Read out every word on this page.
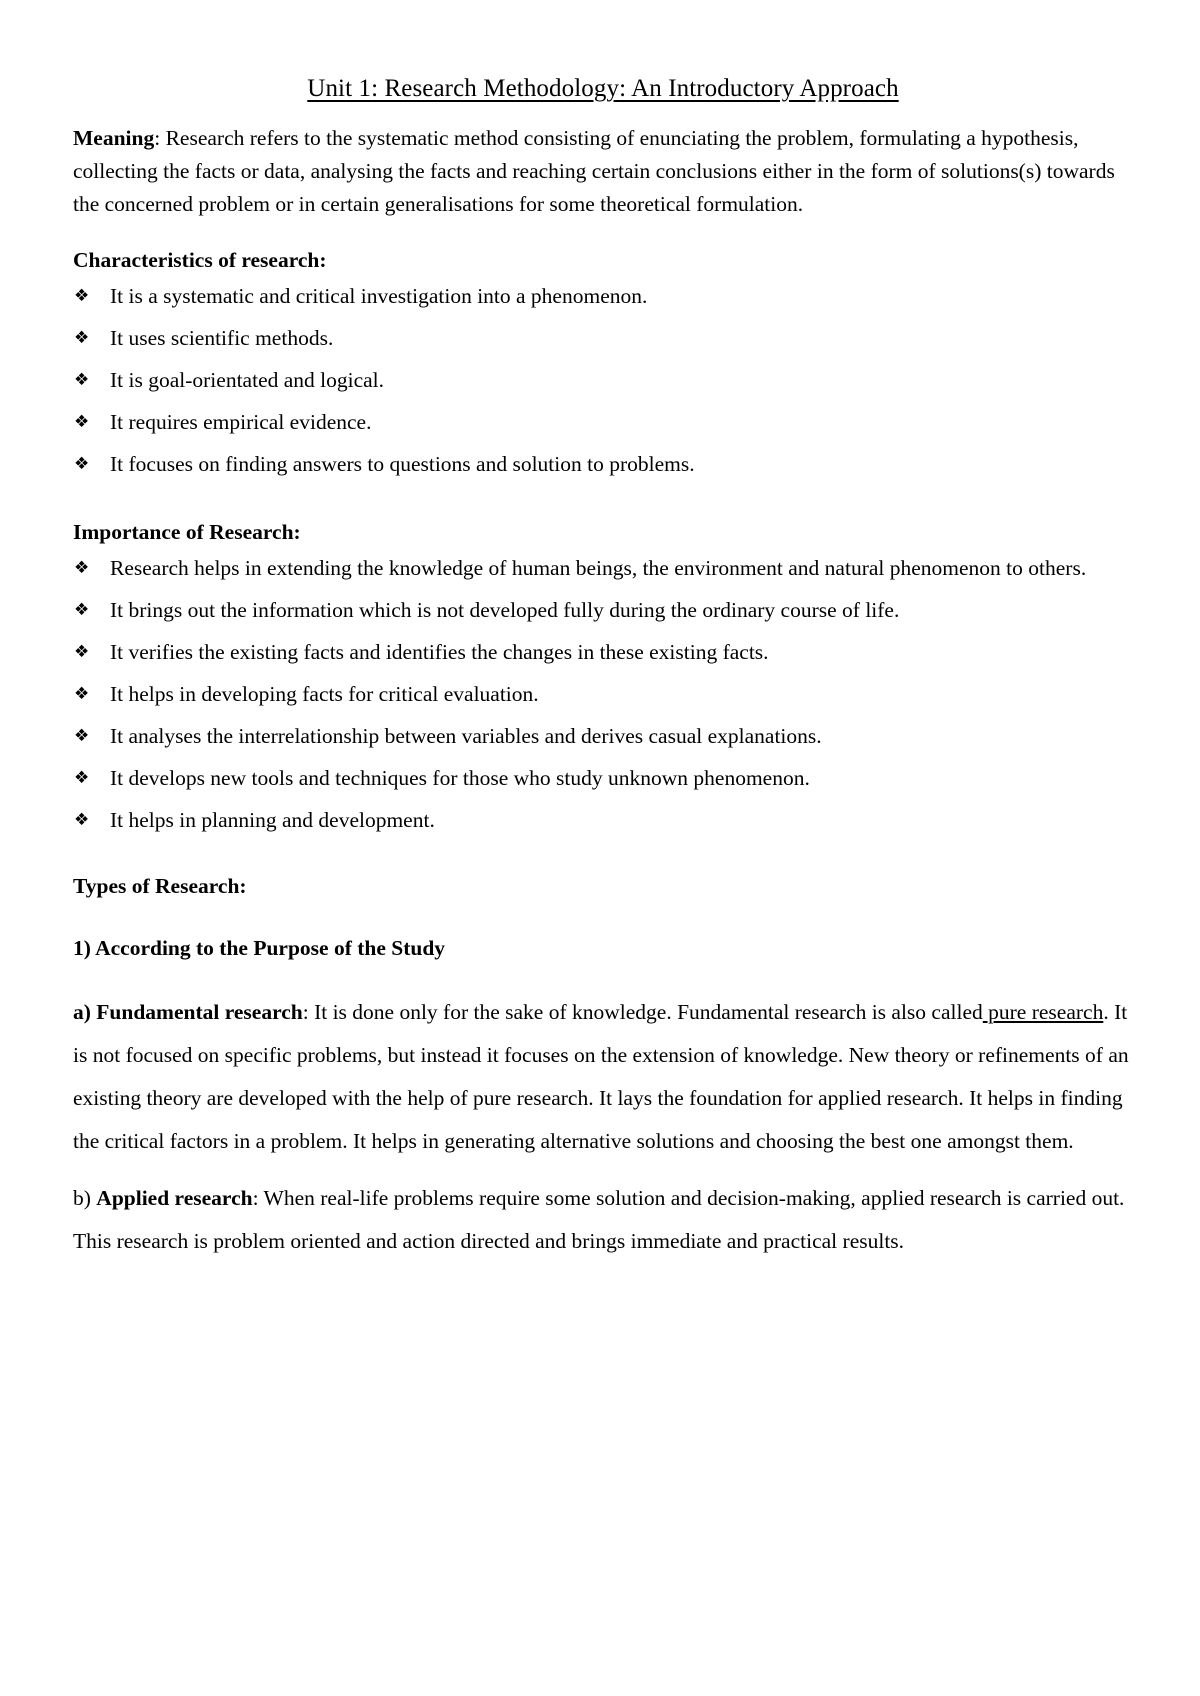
Unit 1: Research Methodology: An Introductory Approach

Meaning: Research refers to the systematic method consisting of enunciating the problem, formulating a hypothesis, collecting the facts or data, analysing the facts and reaching certain conclusions either in the form of solutions(s) towards the concerned problem or in certain generalisations for some theoretical formulation.

Characteristics of research:
❖ It is a systematic and critical investigation into a phenomenon.
❖ It uses scientific methods.
❖ It is goal-orientated and logical.
❖ It requires empirical evidence.
❖ It focuses on finding answers to questions and solution to problems.
Importance of Research:
❖ Research helps in extending the knowledge of human beings, the environment and natural phenomenon to others.
❖ It brings out the information which is not developed fully during the ordinary course of life.
❖ It verifies the existing facts and identifies the changes in these existing facts.
❖ It helps in developing facts for critical evaluation.
❖ It analyses the interrelationship between variables and derives casual explanations.
❖ It develops new tools and techniques for those who study unknown phenomenon.
❖ It helps in planning and development.
Types of Research:
1) According to the Purpose of the Study
a) Fundamental research: It is done only for the sake of knowledge. Fundamental research is also called pure research. It is not focused on specific problems, but instead it focuses on the extension of knowledge. New theory or refinements of an existing theory are developed with the help of pure research. It lays the foundation for applied research. It helps in finding the critical factors in a problem. It helps in generating alternative solutions and choosing the best one amongst them.
b) Applied research: When real-life problems require some solution and decision-making, applied research is carried out. This research is problem oriented and action directed and brings immediate and practical results.
